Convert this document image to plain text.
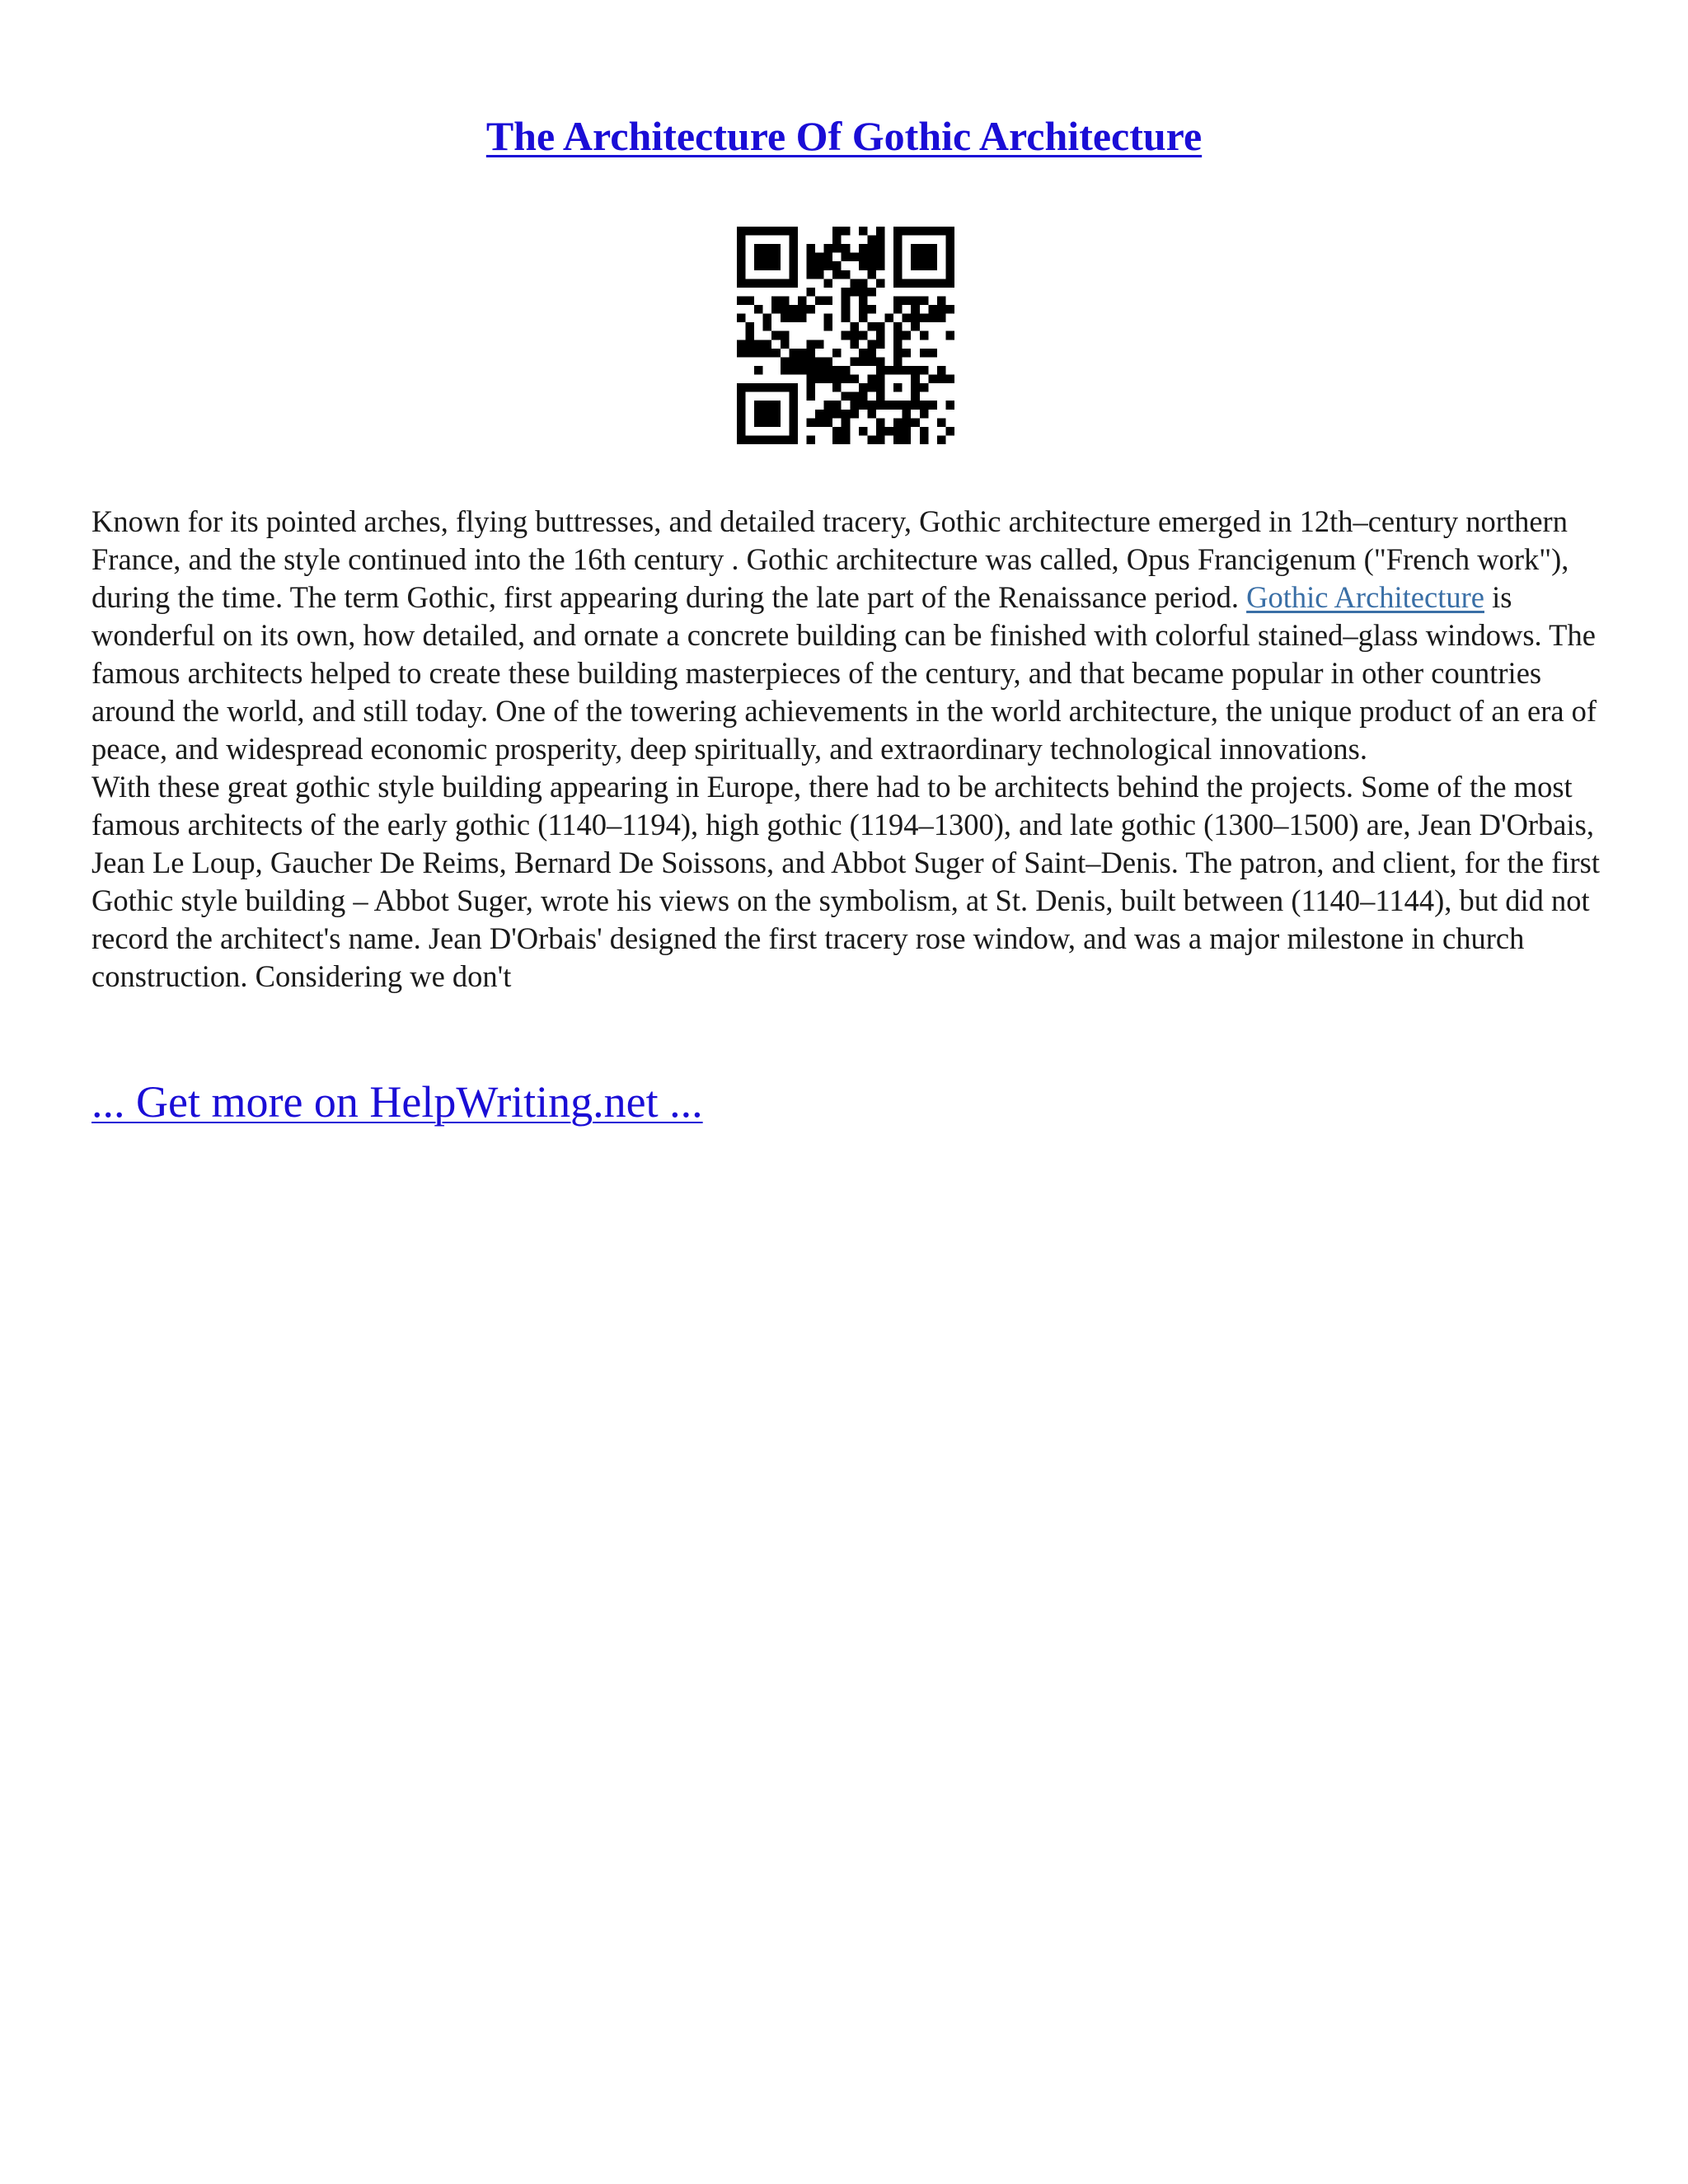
The Architecture Of Gothic Architecture

Known for its pointed arches, flying buttresses, and detailed tracery, Gothic architecture emerged in 12th–century northern France, and the style continued into the 16th century . Gothic architecture was called, Opus Francigenum ("French work"), during the time. The term Gothic, first appearing during the late part of the Renaissance period. Gothic Architecture is wonderful on its own, how detailed, and ornate a concrete building can be finished with colorful stained–glass windows. The famous architects helped to create these building masterpieces of the century, and that became popular in other countries around the world, and still today. One of the towering achievements in the world architecture, the unique product of an era of peace, and widespread economic prosperity, deep spiritually, and extraordinary technological innovations.

With these great gothic style building appearing in Europe, there had to be architects behind the projects. Some of the most famous architects of the early gothic (1140–1194), high gothic (1194–1300), and late gothic (1300–1500) are, Jean D'Orbais, Jean Le Loup, Gaucher De Reims, Bernard De Soissons, and Abbot Suger of Saint–Denis. The patron, and client, for the first Gothic style building – Abbot Suger, wrote his views on the symbolism, at St. Denis, built between (1140–1144), but did not record the architect's name. Jean D'Orbais' designed the first tracery rose window, and was a major milestone in church construction. Considering we don't

... Get more on HelpWriting.net ...
